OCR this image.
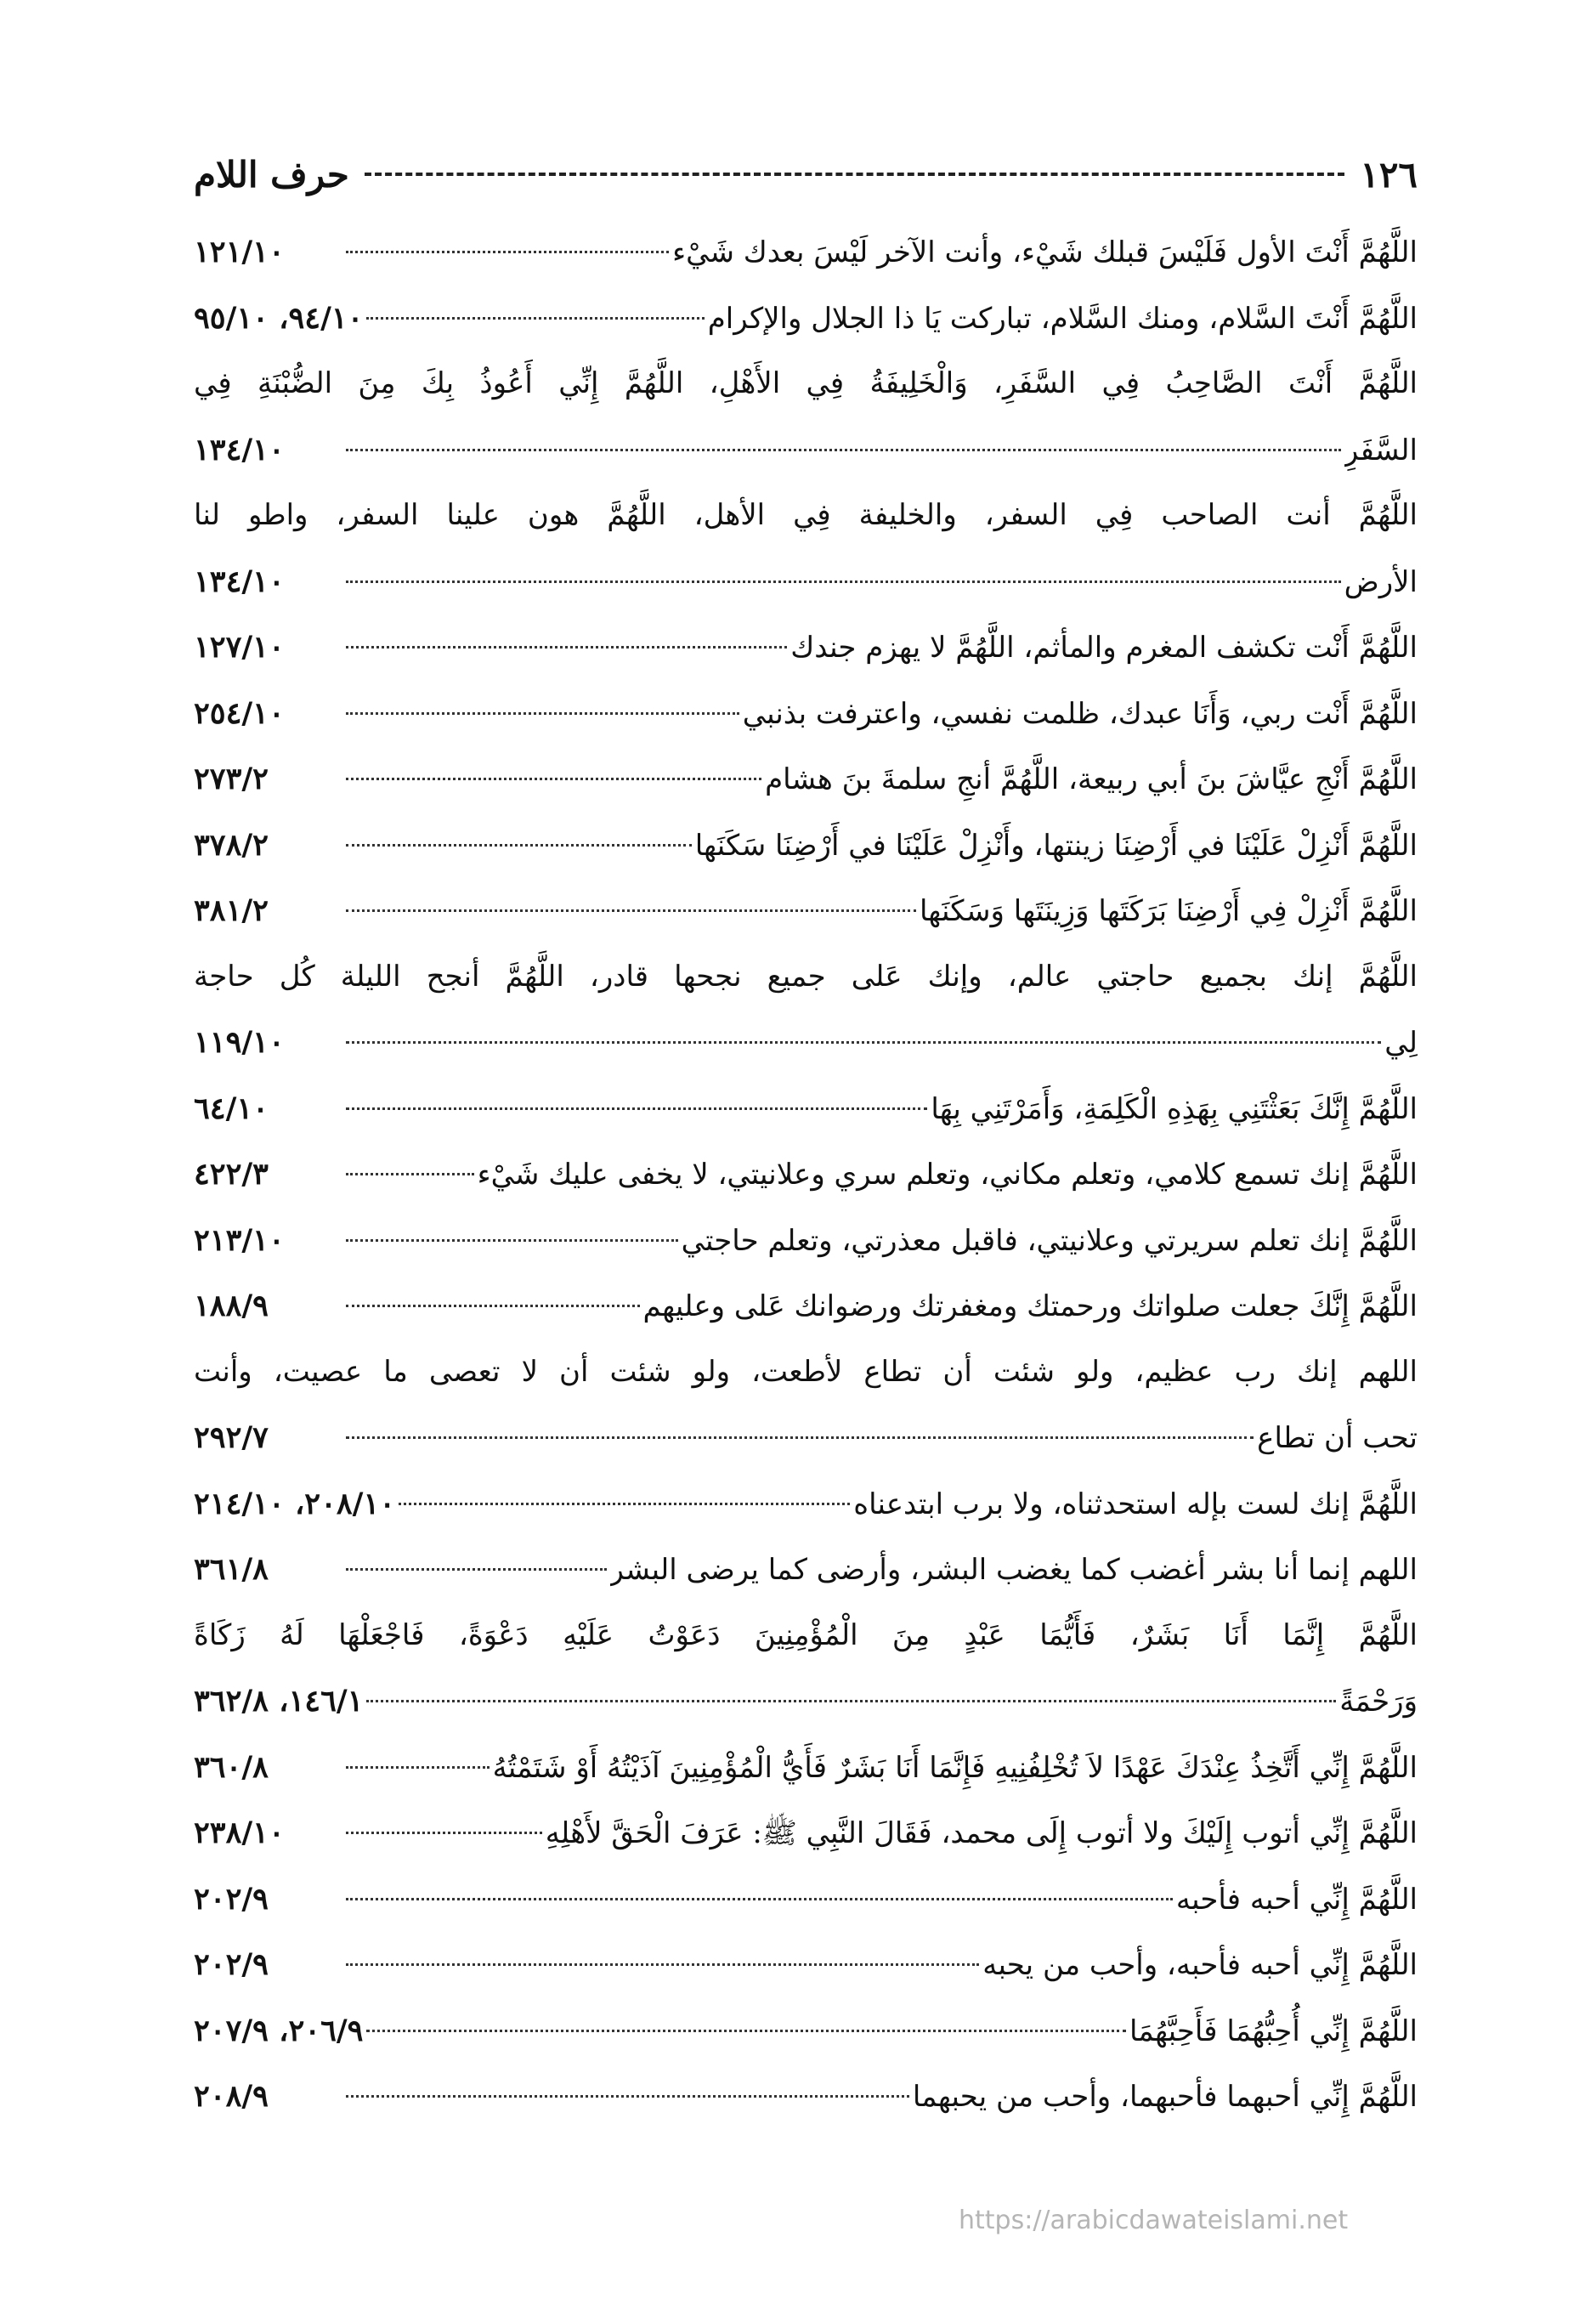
١٢٦
حرف اللام
اللَّهُمَّ أَنْتَ الأول فَلَيْسَ قبلك شَيْء، وأنت الآخر لَيْسَ بعدك شَيْء
١٢١/١٠
اللَّهُمَّ أَنْتَ السَّلام، ومنك السَّلام، تباركت يَا ذا الجلال والإكرام
٩٤/١٠، ٩٥/١٠
اللَّهُمَّ أَنْتَ الصَّاحِبُ فِي السَّفَرِ، وَالْخَلِيفَةُ فِي الأَهْلِ، اللَّهُمَّ إِنِّي أَعُوذُ بِكَ مِنَ الضُّبْنَةِ فِي
السَّفَرِ
١٣٤/١٠
اللَّهُمَّ أنت الصاحب فِي السفر، والخليفة فِي الأهل، اللَّهُمَّ هون علينا السفر، واطو لنا
الأرض
١٣٤/١٠
اللَّهُمَّ أَنْت تكشف المغرم والمأثم، اللَّهُمَّ لا يهزم جندك
١٢٧/١٠
اللَّهُمَّ أَنْت ربي، وَأَنَا عبدك، ظلمت نفسي، واعترفت بذنبي
٢٥٤/١٠
اللَّهُمَّ أَنْجِ عيَّاشَ بنَ أبي ربيعة، اللَّهُمَّ أنجِ سلمةَ بنَ هشام
٢٧٣/٢
اللَّهُمَّ أَنْزِلْ عَلَيْنَا في أَرْضِنَا زينتها، وأَنْزِلْ عَلَيْنَا في أَرْضِنَا سَكَنَها
٣٧٨/٢
اللَّهُمَّ أَنْزِلْ فِي أَرْضِنَا بَرَكَتَها وَزِينَتَها وَسَكَنَها
٣٨١/٢
اللَّهُمَّ إنك بجميع حاجتي عالم، وإنك عَلى جميع نجحها قادر، اللَّهُمَّ أنجح الليلة كُل حاجة
لِي
١١٩/١٠
اللَّهُمَّ إِنَّكَ بَعَثْتَنِي بِهَذِهِ الْكَلِمَةِ، وَأَمَرْتَنِي بِهَا
٦٤/١٠
اللَّهُمَّ إنك تسمع كلامي، وتعلم مكاني، وتعلم سري وعلانيتي، لا يخفى عليك شَيْء
٤٢٢/٣
اللَّهُمَّ إنك تعلم سريرتي وعلانيتي، فاقبل معذرتي، وتعلم حاجتي
٢١٣/١٠
اللَّهُمَّ إِنَّكَ جعلت صلواتك ورحمتك ومغفرتك ورضوانك عَلى وعليهم
١٨٨/٩
اللهم إنك رب عظيم، ولو شئت أن تطاع لأطعت، ولو شئت أن لا تعصى ما عصيت، وأنت
تحب أن تطاع
٢٩٢/٧
اللَّهُمَّ إنك لست بإله استحدثناه، ولا برب ابتدعناه
٢٠٨/١٠، ٢١٤/١٠
اللهم إنما أنا بشر أغضب كما يغضب البشر، وأرضى كما يرضى البشر
٣٦١/٨
اللَّهُمَّ إِنَّمَا أَنَا بَشَرٌ، فَأَيُّمَا عَبْدٍ مِنَ الْمُؤْمِنِينَ دَعَوْتُ عَلَيْهِ دَعْوَةً، فَاجْعَلْهَا لَهُ زَكَاةً
وَرَحْمَةً
١٤٦/١، ٣٦٢/٨
اللَّهُمَّ إِنِّي أَتَّخِذُ عِنْدَكَ عَهْدًا لاَ تُخْلِفُنِيهِ فَإِنَّمَا أَنَا بَشَرٌ فَأَيُّ الْمُؤْمِنِينَ آذَيْتُهُ أَوْ شَتَمْتُهُ
٣٦٠/٨
اللَّهُمَّ إِنِّي أتوب إِلَيْكَ ولا أتوب إِلَى محمد، فَقَالَ النَّبِي ﷺ: عَرَفَ الْحَقَّ لأَهْلِهِ
٢٣٨/١٠
اللَّهُمَّ إِنِّي أحبه فأحبه
٢٠٢/٩
اللَّهُمَّ إِنِّي أحبه فأحبه، وأحب من يحبه
٢٠٢/٩
اللَّهُمَّ إِنِّي أُحِبُّهُمَا فَأَحِبَّهُمَا
٢٠٦/٩، ٢٠٧/٩
اللَّهُمَّ إِنِّي أحبهما فأحبهما، وأحب من يحبهما
٢٠٨/٩
https://arabicdawateislami.net
